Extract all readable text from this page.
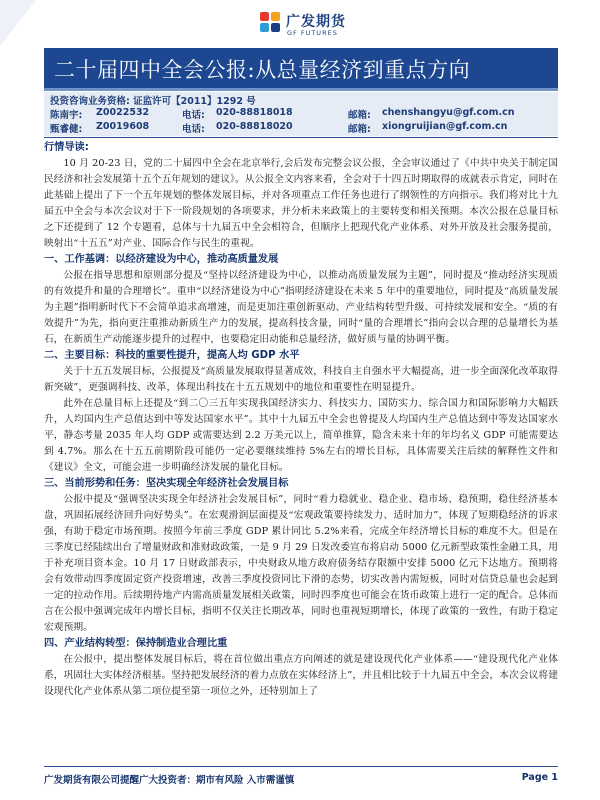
广发期货
GF FUTURES
二十届四中全会公报:从总量经济到重点方向
投资咨询业务资格: 证监许可【2011】1292 号
陈南宇: Z0022532	电话: 020-88818018	邮箱: chenshangyu@gf.com.cn
甄睿健: Z0019608	电话: 020-88818020	邮箱: xiongruijian@gf.com.cn

行情导读:

10 月 20-23 日，党的二十届四中全会在北京举行,会后发布完整会议公报，全会审议通过了《中共中央关于制定国民经济和社会发展第十五个五年规划的建议》。从公报全文内容来看，全会对于十四五时期取得的成就表示肯定，同时在此基础上提出了下一个五年规划的整体发展目标，并对各项重点工作任务也进行了纲领性的方向指示。我们将对比十九届五中全会与本次会议对于下一阶段规划的各项要求，并分析未来政策上的主要转变和相关预期。本次公报在总量目标之下还提到了 12 个专题看，总体与十九届五中全会相符合，但顺序上把现代化产业体系、对外开放及社会服务提前，映射出“十五五”对产业、国际合作与民生的重视。

一、工作基调：以经济建设为中心，推动高质量发展

公报在指导思想和原则部分提及“坚持以经济建设为中心，以推动高质量发展为主题”，同时提及“推动经济实现质的有效提升和量的合理增长”。重申“以经济建设为中心”指明经济建设在未来 5 年中的重要地位，同时提及“高质量发展为主题”指明新时代下不会简单追求高增速，而是更加注重创新驱动、产业结构转型升级、可持续发展和安全。“质的有效提升”为先，指向更注重推动新质生产力的发展，提高科技含量，同时“量的合理增长”指向会以合理的总量增长为基石，在新质生产动能逐步提升的过程中，也要稳定旧动能和总量经济，做好质与量的协调平衡。

二、主要目标：科技的重要性提升，提高人均 GDP 水平

关于十五五发展目标，公报提及“高质量发展取得显著成效，科技自主自强水平大幅提高，进一步全面深化改革取得新突破”，更强调科技、改革，体现出科技在十五五规划中的地位和重要性在明显提升。

此外在总量目标上还提及“到二〇三五年实现我国经济实力、科技实力、国防实力、综合国力和国际影响力大幅跃升，人均国内生产总值达到中等发达国家水平”。其中十九届五中全会也曾提及人均国内生产总值达到中等发达国家水平，静态考量 2035 年人均 GDP 或需要达到 2.2 万美元以上，简单推算，隐含未来十年的年均名义 GDP 可能需要达到 4.7%。那么在十五五前期阶段可能仍一定必要继续维持 5%左右的增长目标，具体需要关注后续的解释性文件和《建议》全文，可能会进一步明确经济发展的量化目标。

三、当前形势和任务：坚决实现全年经济社会发展目标

公报中提及“强调坚决实现全年经济社会发展目标”，同时“着力稳就业、稳企业、稳市场、稳预期，稳住经济基本盘，巩固拓展经济回升向好势头”。在宏观滑润层面提及“宏观政策要持续发力、适时加力”，体现了短期稳经济的诉求强，有助于稳定市场预期。按照今年前三季度 GDP 累计同比 5.2%来看，完成全年经济增长目标的难度不大。但是在三季度已经陆续出台了增量财政和准财政政策，一是 9 月 29 日发改委宣布将启动 5000 亿元新型政策性金融工具，用于补充项目资本金。10 月 17 日财政部表示，中央财政从地方政府债务结存限额中安排 5000 亿元下达地方。预期将会有效带动四季度固定资产投资增速，改善三季度投资同比下滑的态势，切实改善内需短板，同时对信贷总量也会起到一定的拉动作用。后续期待地产内需高质量发展相关政策，同时四季度也可能会在货币政策上进行一定的配合。总体而言在公报中强调完成年内增长目标，指明不仅关注长期改革，同时也重视短期增长，体现了政策的一致性，有助于稳定宏观预期。

四、产业结构转型：保持制造业合理比重

在公报中，提出整体发展目标后，将在首位做出重点方向阐述的就是建设现代化产业体系——“建设现代化产业体系，巩固壮大实体经济根基。坚持把发展经济的着力点放在实体经济上”，并且相比较于十九届五中全会，本次会议将建设现代化产业体系从第二项位提至第一项位之外，还特别加上了

广发期货有限公司提醒广大投资者：期市有风险 入市需谨慎	Page 1
